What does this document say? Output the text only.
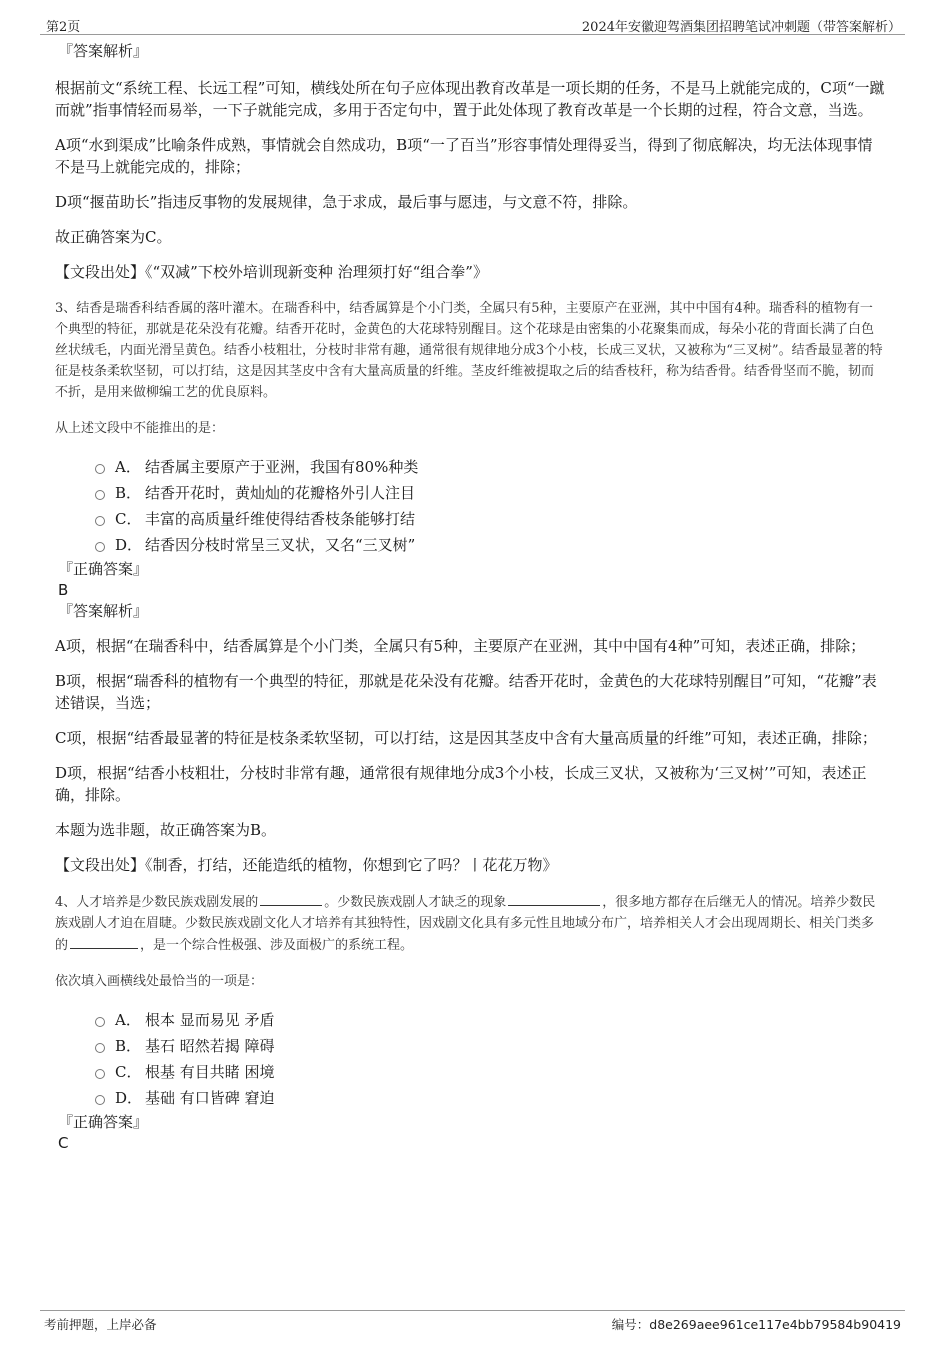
第2页	2024年安徽迎驾酒集团招聘笔试冲刺题（带答案解析）
『答案解析』

根据前文“系统工程、长远工程”可知，横线处所在句子应体现出教育改革是一项长期的任务，不是马上就能完成的，C项“一蹴而就”指事情轻而易举，一下子就能完成，多用于否定句中，置于此处体现了教育改革是一个长期的过程，符合文意，当选。

A项“水到渠成”比喻条件成熟，事情就会自然成功，B项“一了百当”形容事情处理得妥当，得到了彻底解决，均无法体现事情不是马上就能完成的，排除；

D项“揠苗助长”指违反事物的发展规律，急于求成，最后事与愿违，与文意不符，排除。

故正确答案为C。

【文段出处】《“双减”下校外培训现新变种 治理须打好“组合拳”》

3、结香是瑞香科结香属的落叶灌木。在瑞香科中，结香属算是个小门类，全属只有5种，主要原产在亚洲，其中中国有4种。瑞香科的植物有一个典型的特征，那就是花朵没有花瓣。结香开花时，金黄色的大花球特别醒目。这个花球是由密集的小花聚集而成，每朵小花的背面长满了白色丝状绒毛，内面光滑呈黄色。结香小枝粗壮，分枝时非常有趣，通常很有规律地分成3个小枝，长成三叉状，又被称为“三叉树”。结香最显著的特征是枝条柔软坚韧，可以打结，这是因其茎皮中含有大量高质量的纤维。茎皮纤维被提取之后的结香枝秆，称为结香骨。结香骨坚而不脆，韧而不折，是用来做柳编工艺的优良原料。

从上述文段中不能推出的是：

A． 结香属主要原产于亚洲，我国有80%种类
B． 结香开花时，黄灿灿的花瓣格外引人注目
C． 丰富的高质量纤维使得结香枝条能够打结
D． 结香因分枝时常呈三叉状，又名“三叉树”
『正确答案』
B
『答案解析』

A项，根据“在瑞香科中，结香属算是个小门类，全属只有5种，主要原产在亚洲，其中中国有4种”可知，表述正确，排除；

B项，根据“瑞香科的植物有一个典型的特征，那就是花朵没有花瓣。结香开花时，金黄色的大花球特别醒目”可知，“花瓣”表述错误，当选；

C项，根据“结香最显著的特征是枝条柔软坚韧，可以打结，这是因其茎皮中含有大量高质量的纤维”可知，表述正确，排除；

D项，根据“结香小枝粗壮，分枝时非常有趣，通常很有规律地分成3个小枝，长成三叉状，又被称为‘三叉树’”可知，表述正确，排除。

本题为选非题，故正确答案为B。

【文段出处】《制香，打结，还能造纸的植物，你想到它了吗？丨花花万物》

4、人才培养是少数民族戏剧发展的	。少数民族戏剧人才缺乏的现象	，很多地方都存在后继无人的情况。培养少数民族戏剧人才迫在眉睫。少数民族戏剧文化人才培养有其独特性，因戏剧文化具有多元性且地域分布广，培养相关人才会出现周期长、相关门类多的	，是一个综合性极强、涉及面极广的系统工程。

依次填入画横线处最恰当的一项是：

A． 根本 显而易见 矛盾
B． 基石 昭然若揭 障碍
C． 根基 有目共睹 困境
D． 基础 有口皆碑 窘迫
『正确答案』
C
考前押题，上岸必备	编号：d8e269aee961ce117e4bb79584b90419
